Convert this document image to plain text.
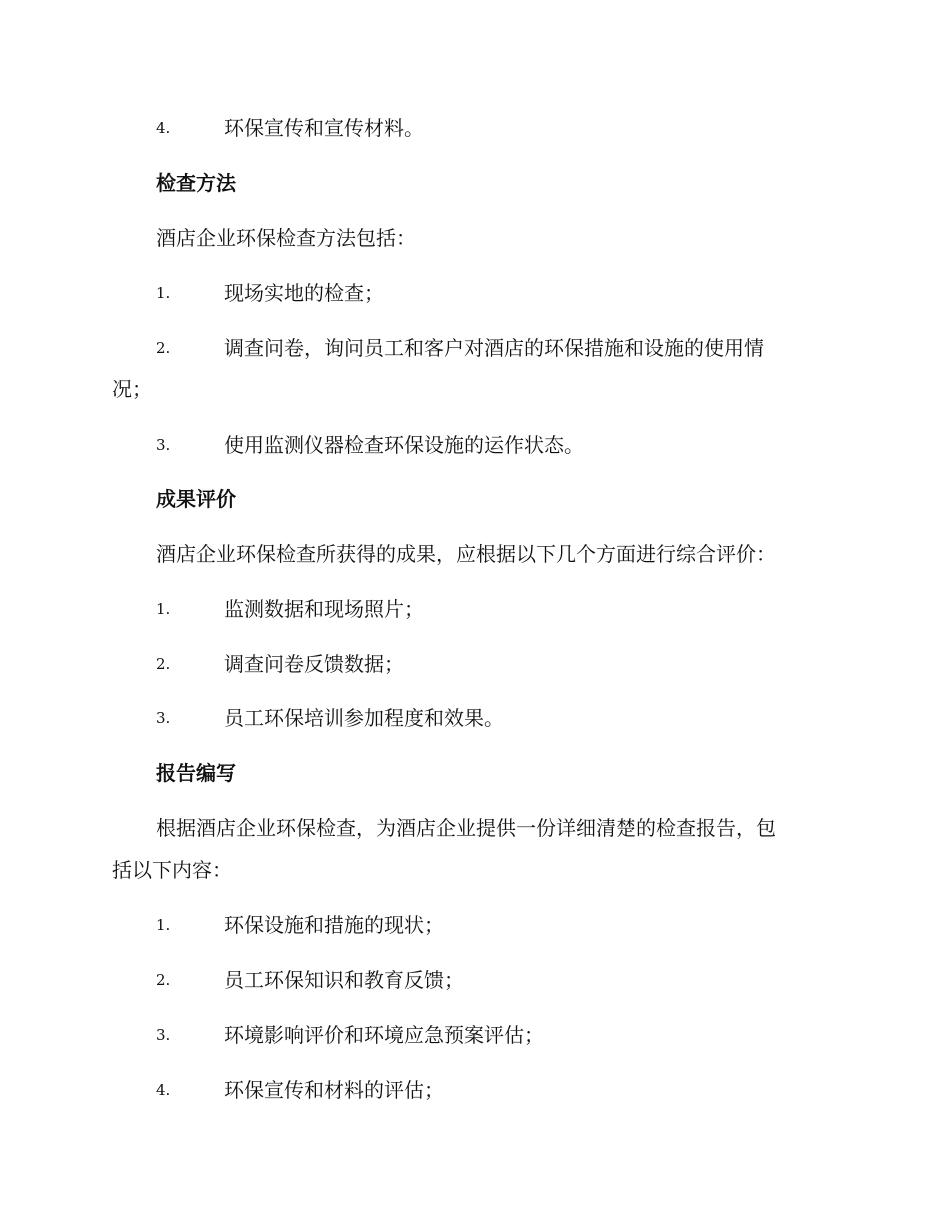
4.	环保宣传和宣传材料。
检查方法
酒店企业环保检查方法包括：
1.	现场实地的检查；
2.	调查问卷，询问员工和客户对酒店的环保措施和设施的使用情
况；
3.	使用监测仪器检查环保设施的运作状态。
成果评价
酒店企业环保检查所获得的成果，应根据以下几个方面进行综合评价：
1.	监测数据和现场照片；
2.	调查问卷反馈数据；
3.	员工环保培训参加程度和效果。
报告编写
根据酒店企业环保检查，为酒店企业提供一份详细清楚的检查报告，包
括以下内容：
1.	环保设施和措施的现状；
2.	员工环保知识和教育反馈；
3.	环境影响评价和环境应急预案评估；
4.	环保宣传和材料的评估；
